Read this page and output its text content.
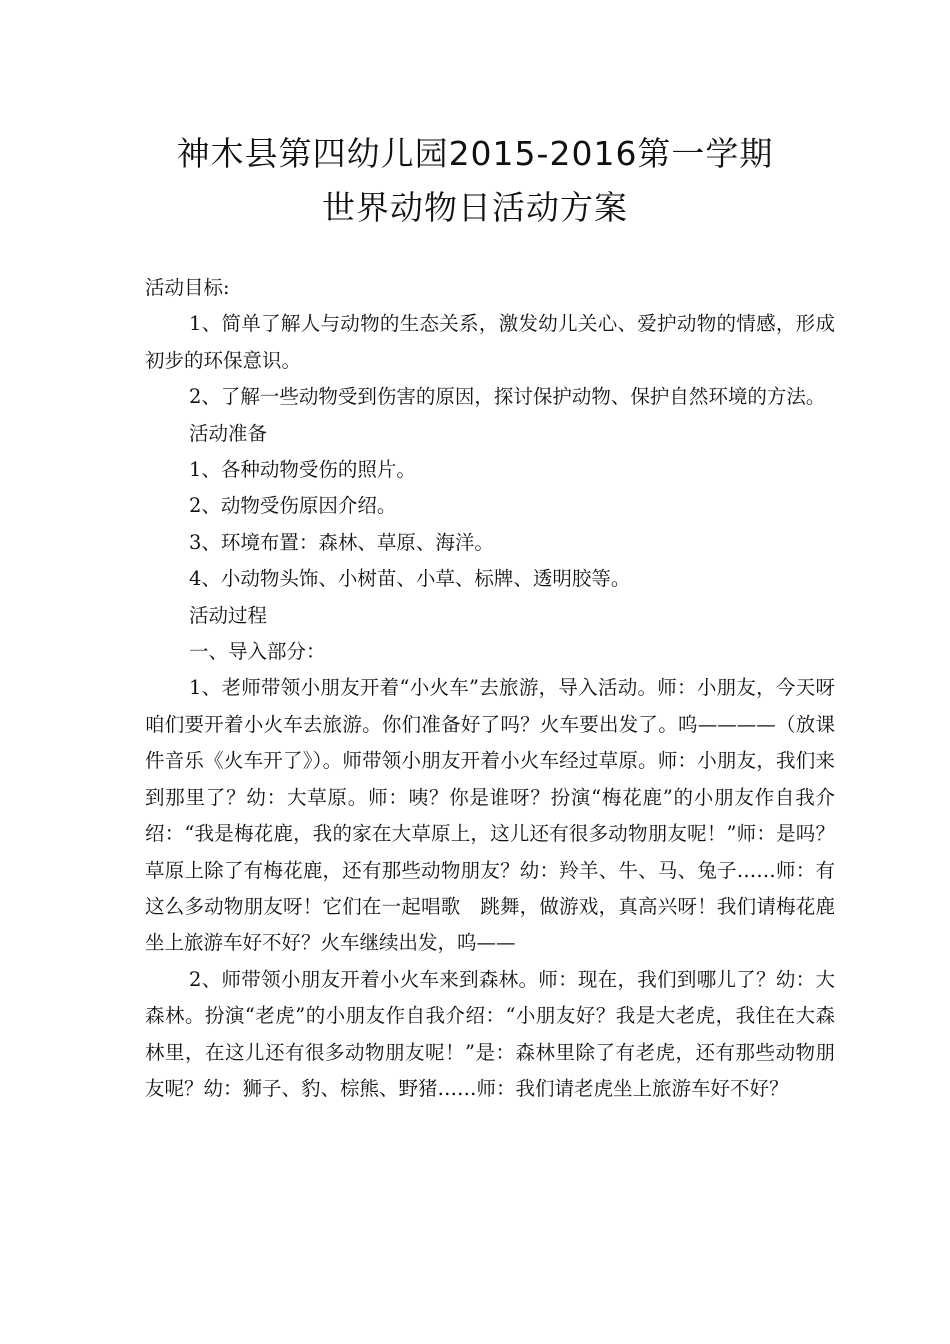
神木县第四幼儿园2015-2016第一学期
世界动物日活动方案

活动目标:

1、简单了解人与动物的生态关系，激发幼儿关心、爱护动物的情感，形成初步的环保意识。

2、了解一些动物受到伤害的原因，探讨保护动物、保护自然环境的方法。

活动准备

1、各种动物受伤的照片。

2、动物受伤原因介绍。

3、环境布置：森林、草原、海洋。

4、小动物头饰、小树苗、小草、标牌、透明胶等。

活动过程

一、导入部分：

1、老师带领小朋友开着“小火车”去旅游，导入活动。师：小朋友，今天呀咱们要开着小火车去旅游。你们准备好了吗？火车要出发了。呜————（放课件音乐《火车开了》）。师带领小朋友开着小火车经过草原。师：小朋友，我们来到那里了？幼：大草原。师：咦？你是谁呀？扮演“梅花鹿”的小朋友作自我介绍：“我是梅花鹿，我的家在大草原上，这儿还有很多动物朋友呢！”师：是吗？草原上除了有梅花鹿，还有那些动物朋友？幼：羚羊、牛、马、兔子……师：有这么多动物朋友呀！它们在一起唱歌　跳舞，做游戏，真高兴呀！我们请梅花鹿坐上旅游车好不好？火车继续出发，呜——

2、师带领小朋友开着小火车来到森林。师：现在，我们到哪儿了？幼：大森林。扮演“老虎”的小朋友作自我介绍：“小朋友好？我是大老虎，我住在大森林里，在这儿还有很多动物朋友呢！”是：森林里除了有老虎，还有那些动物朋友呢？幼：狮子、豹、棕熊、野猪……师：我们请老虎坐上旅游车好不好？
